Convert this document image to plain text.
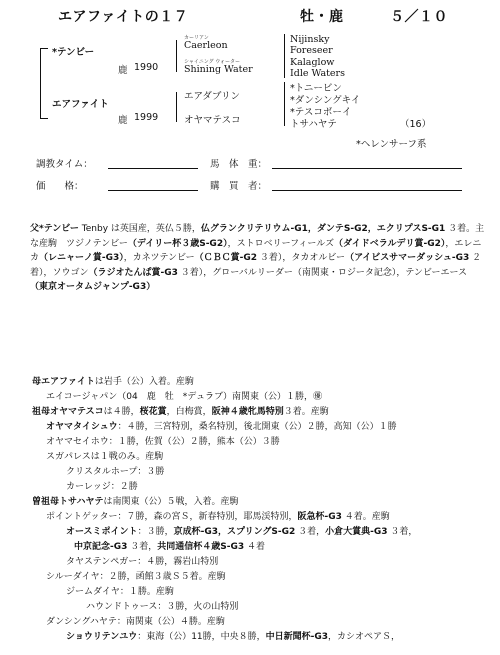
エアファイトの１７	牡・鹿	５／１０
*テンビー
鹿 1990
エアファイト
鹿 1999
カーリアン
Caerleon
シャイニング ウォーター
Shining Water
エアダブリン
オヤマテスコ
Nijinsky
Foreseer
Kalaglow
Idle Waters
*トニービン
*ダンシングキイ
*テスコボーイ
トサハヤテ	（16）
*ヘレンサーフ系
調教タイム：	馬　体　重：
価　　格：	購　買　者：
父*テンビー Tenby は英国産，英仏５勝，仏グランクリテリウム-G1，ダンテS-G2，エクリプスS-G1 ３着。主な産駒　ツジノテンビー（デイリー杯３歳S-G2），ストロベリーフィールズ（ダイドベラルデリ賞-G2），エレニカ（レニャーノ賞-G3），カネツテンビー（ＣＢＣ賞-G2 ３着），タカオルビー（アイビスサマーダッシュ-G3 ２着），ソウゴン（ラジオたんぱ賞-G3 ３着），グローバルリーダー（南関東・ロジータ記念），テンビーエース（東京オータムジャンプ-G3）
母エアファイトは岩手（公）入着。産駒
エイコージャパン（04　鹿　牡　*デュラブ）南関東（公）１勝，㊝
祖母オヤマテスコは４勝，桜花賞，白梅賞，阪神４歳牝馬特別３着。産駒
オヤマタイシュウ：４勝，三宮特別，桑名特別，後北開東（公）２勝，高知（公）１勝
オヤマセイホウ：１勝，佐賀（公）２勝，熊本（公）３勝
スガパレスは１戦のみ。産駒
クリスタルホープ：３勝
カーレッジ：２勝
曽祖母トサハヤテは南関東（公）５戦，入着。産駒
ポイントゲッター：７勝，森の宮Ｓ，新春特別，耶馬渓特別，阪急杯-G3 ４着。産駒
オースミポイント：３勝，京成杯-G3，スプリングS-G2 ３着，小倉大賞典-G3 ３着，
中京記念-G3 ３着，共同通信杯４歳S-G3 ４着
タヤステンペガー：４勝，霧岩山特別
シルーダイヤ：２勝，函館３歳Ｓ５着。産駒
ジームダイヤ：１勝。産駒
ハウンドトゥース：３勝，火の山特別
ダンシングハヤテ：南関東（公）４勝。産駒
ショウリテンユウ：東海（公）11勝，中央８勝，中日新聞杯-G3，カシオペアＳ，
